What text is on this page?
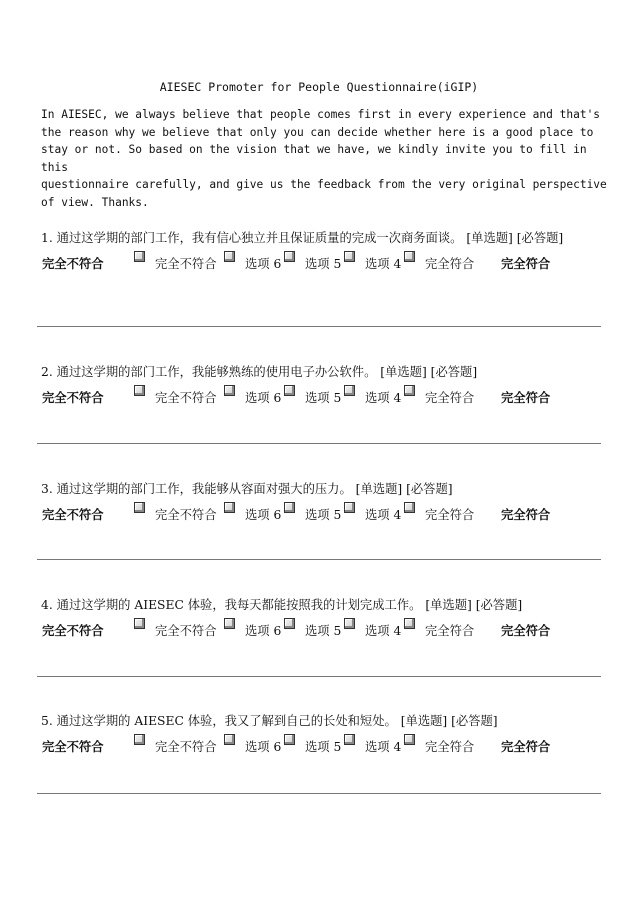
AIESEC Promoter for People Questionnaire(iGIP)
In AIESEC, we always believe that people comes first in every experience and that's
the reason why we believe that only you can decide whether here is a good place to
stay or not. So based on the vision that we have, we kindly invite you to fill in this
questionnaire carefully, and give us the feedback from the very original perspective
of view. Thanks.
1. 通过这学期的部门工作，我有信心独立并且保证质量的完成一次商务面谈。 [单选题] [必答题]
完全不符合	完全不符合 选项 6 选项 5 选项 4 完全符合 完全符合
2. 通过这学期的部门工作，我能够熟练的使用电子办公软件。 [单选题] [必答题]
完全不符合	完全不符合 选项 6 选项 5 选项 4 完全符合 完全符合
3. 通过这学期的部门工作，我能够从容面对强大的压力。 [单选题] [必答题]
完全不符合	完全不符合 选项 6 选项 5 选项 4 完全符合 完全符合
4. 通过这学期的 AIESEC 体验，我每天都能按照我的计划完成工作。 [单选题] [必答题]
完全不符合	完全不符合 选项 6 选项 5 选项 4 完全符合 完全符合
5. 通过这学期的 AIESEC 体验，我又了解到自己的长处和短处。 [单选题] [必答题]
完全不符合	完全不符合 选项 6 选项 5 选项 4 完全符合 完全符合
